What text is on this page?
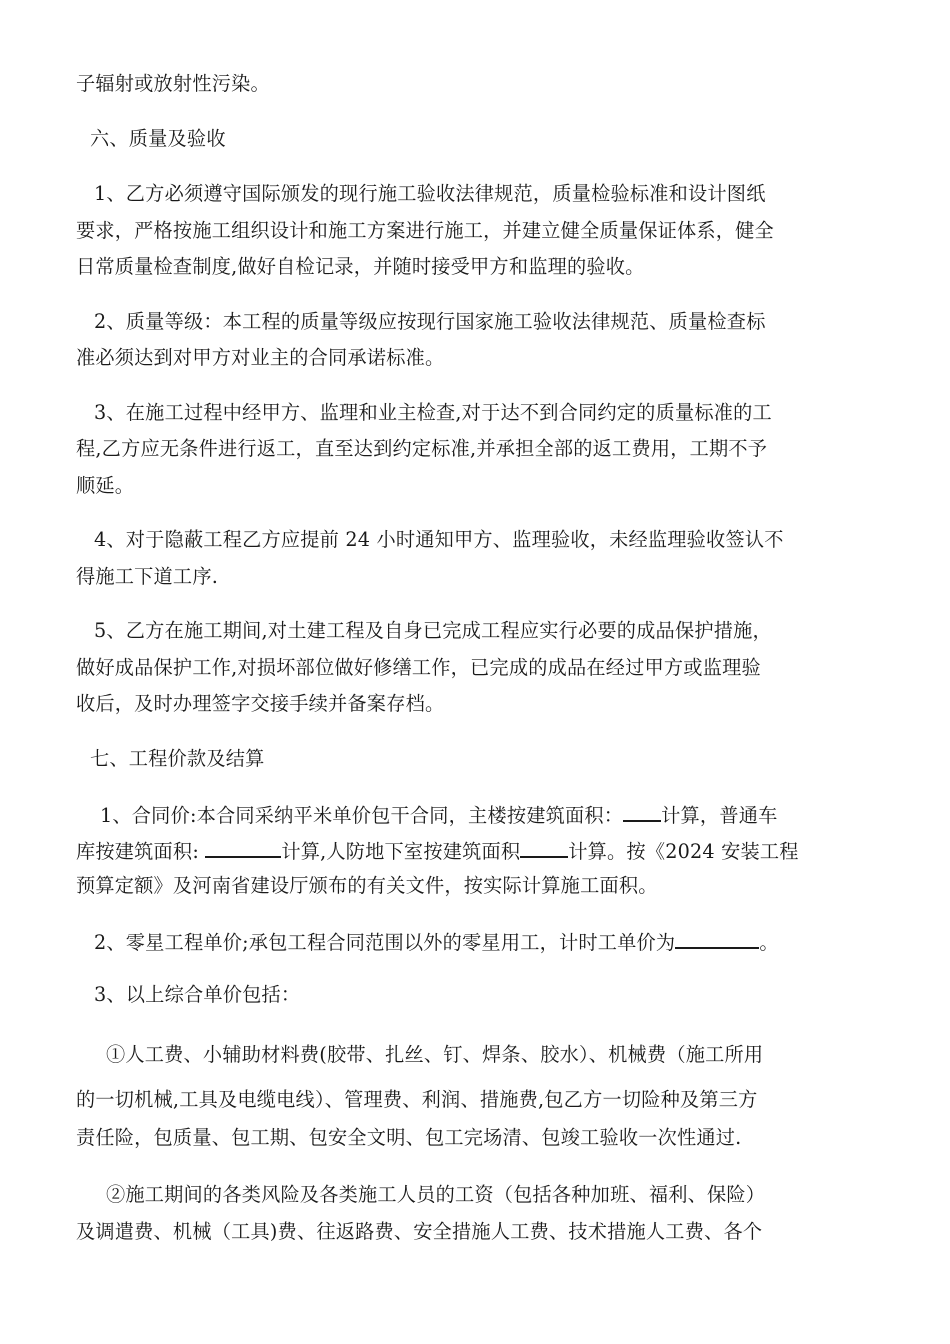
子辐射或放射性污染。
六、质量及验收
1、乙方必须遵守国际颁发的现行施工验收法律规范，质量检验标准和设计图纸
要求，严格按施工组织设计和施工方案进行施工，并建立健全质量保证体系，健全
日常质量检查制度,做好自检记录，并随时接受甲方和监理的验收。
2、质量等级：本工程的质量等级应按现行国家施工验收法律规范、质量检查标
准必须达到对甲方对业主的合同承诺标准。
3、在施工过程中经甲方、监理和业主检查,对于达不到合同约定的质量标准的工
程,乙方应无条件进行返工，直至达到约定标准,并承担全部的返工费用，工期不予
顺延。
4、对于隐蔽工程乙方应提前 24 小时通知甲方、监理验收，未经监理验收签认不
得施工下道工序.
5、乙方在施工期间,对土建工程及自身已完成工程应实行必要的成品保护措施，
做好成品保护工作,对损坏部位做好修缮工作，已完成的成品在经过甲方或监理验
收后，及时办理签字交接手续并备案存档。
七、工程价款及结算
1、合同价:本合同采纳平米单价包干合同，主楼按建筑面积： 计算，普通车
库按建筑面积:	计算,人防地下室按建筑面积	计算。按《2024 安装工程
预算定额》及河南省建设厅颁布的有关文件，按实际计算施工面积。
2、零星工程单价;承包工程合同范围以外的零星用工，计时工单价为	。
3、以上综合单价包括：
①人工费、小辅助材料费(胶带、扎丝、钉、焊条、胶水）、机械费（施工所用
的一切机械,工具及电缆电线）、管理费、利润、措施费,包乙方一切险种及第三方
责任险，包质量、包工期、包安全文明、包工完场清、包竣工验收一次性通过.
②施工期间的各类风险及各类施工人员的工资（包括各种加班、福利、保险）
及调遣费、机械（工具)费、往返路费、安全措施人工费、技术措施人工费、各个
